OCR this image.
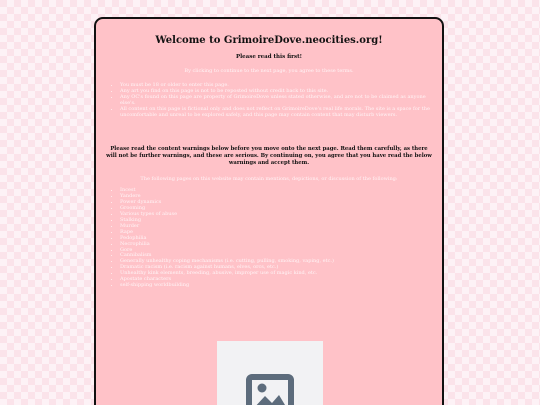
Welcome to GrimoireDove.neocities.org!
Please read this first!
By clicking to continue to the next page, you agree to these terms.
• You must be 18 or older to enter this page.
• Any art you find on this page is not to be reposted without credit back to this site.
• Any OC's found on this page are property of GrimoireDove unless stated otherwise, and are not to be claimed as anyone else's.
• All content on this page is fictional only and does not reflect on GrimoireDove's real life morals. The site is a space for the uncomfortable and unreal to be explored safely, and this page may contain content that may disturb viewers.
Please read the content warnings below before you move onto the next page. Read them carefully, as there will not be further warnings, and these are serious. By continuing on, you agree that you have read the below warnings and accept them.
The following pages on this website may contain mentions, depictions, or discussion of the following:
• Incest
• Yandere
• Power dynamics
• Grooming
• Various types of abuse
• Stalking
• Murder
• Rape
• Pedophilia
• Necrophilia
• Gore
• Cannibalism
• Generally unhealthy coping mechanisms (i.e. cutting, pulling, smoking, vaping, etc.)
• Dramatic racism (i.e. racism against humans, elves, orcs, etc.)
• Unhealthy kink elements, breeding, abusive, improper use of magic kind, etc.
• Apostate characters
• self-shipping worldbuilding
